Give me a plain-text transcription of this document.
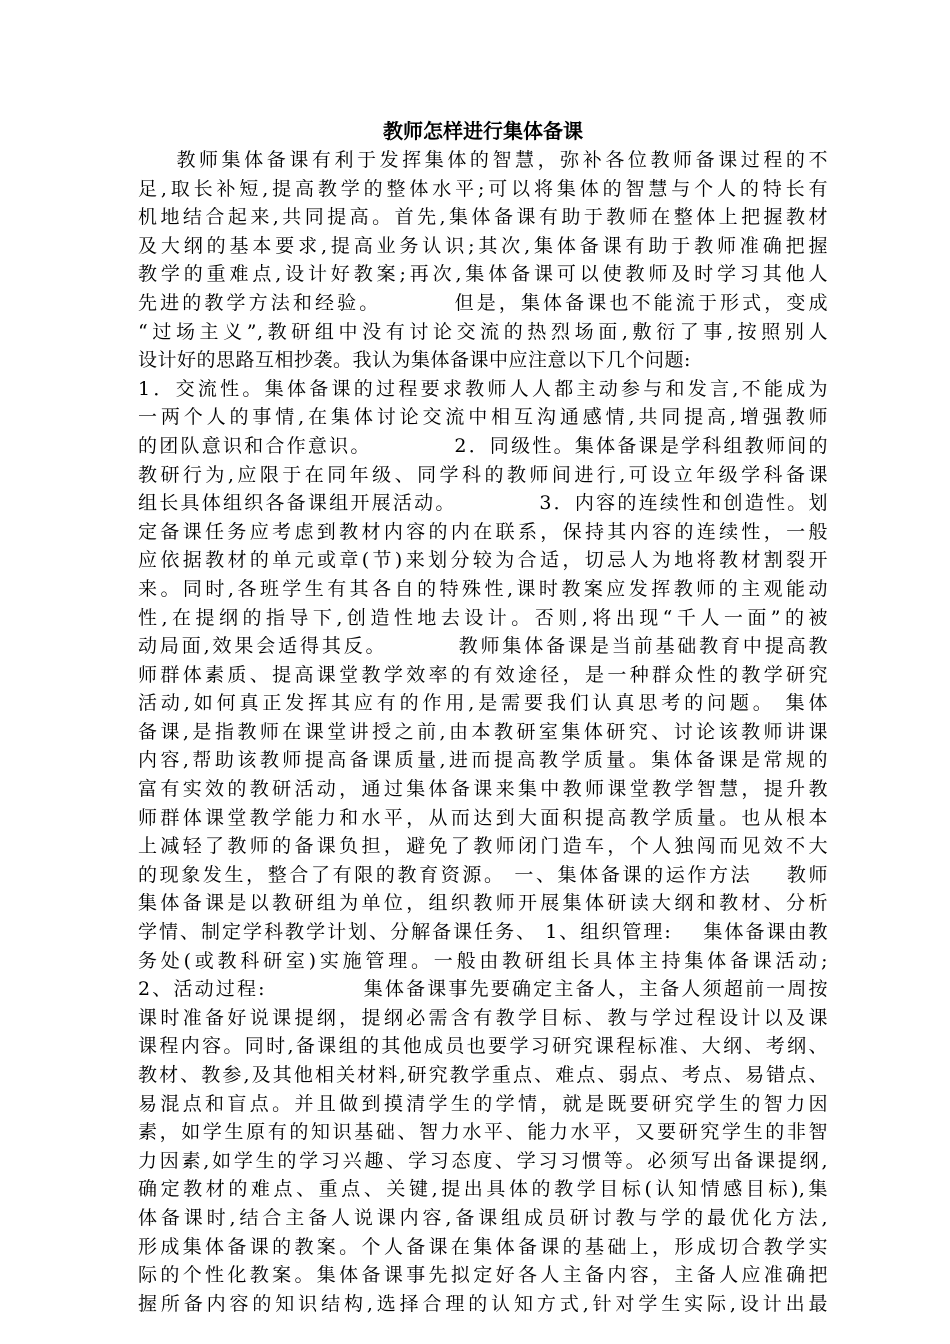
教师怎样进行集体备课
教师集体备课有利于发挥集体的智慧，弥补各位教师备课过程的不
足,取长补短,提高教学的整体水平;可以将集体的智慧与个人的特长有
机地结合起来,共同提高。首先,集体备课有助于教师在整体上把握教材
及大纲的基本要求,提高业务认识;其次,集体备课有助于教师准确把握
教学的重难点,设计好教案;再次,集体备课可以使教师及时学习其他人
先进的教学方法和经验。        但是，集体备课也不能流于形式，变成
“过场主义”,教研组中没有讨论交流的热烈场面,敷衍了事,按照别人
设计好的思路互相抄袭。我认为集体备课中应注意以下几个问题:
1．交流性。集体备课的过程要求教师人人都主动参与和发言,不能成为
一两个人的事情,在集体讨论交流中相互沟通感情,共同提高,增强教师
的团队意识和合作意识。          2．同级性。集体备课是学科组教师间的
教研行为,应限于在同年级、同学科的教师间进行,可设立年级学科备课
组长具体组织各备课组开展活动。          3．内容的连续性和创造性。划
定备课任务应考虑到教材内容的内在联系，保持其内容的连续性，一般
应依据教材的单元或章(节)来划分较为合适，切忌人为地将教材割裂开
来。同时,各班学生有其各自的特殊性,课时教案应发挥教师的主观能动
性,在提纲的指导下,创造性地去设计。否则,将出现“千人一面”的被
动局面,效果会适得其反。        教师集体备课是当前基础教育中提高教
师群体素质、提高课堂教学效率的有效途径，是一种群众性的教学研究
活动,如何真正发挥其应有的作用,是需要我们认真思考的问题。 集体
备课,是指教师在课堂讲授之前,由本教研室集体研究、讨论该教师讲课
内容,帮助该教师提高备课质量,进而提高教学质量。集体备课是常规的
富有实效的教研活动，通过集体备课来集中教师课堂教学智慧，提升教
师群体课堂教学能力和水平，从而达到大面积提高教学质量。也从根本
上减轻了教师的备课负担，避免了教师闭门造车，个人独闯而见效不大
的现象发生，整合了有限的教育资源。 一、集体备课的运作方法    教师
集体备课是以教研组为单位，组织教师开展集体研读大纲和教材、分析
学情、制定学科教学计划、分解备课任务、 1、组织管理:    集体备课由教
务处(或教科研室)实施管理。一般由教研组长具体主持集体备课活动;
2、活动过程:            集体备课事先要确定主备人，主备人须超前一周按
课时准备好说课提纲，提纲必需含有教学目标、教与学过程设计以及课
课程内容。同时,备课组的其他成员也要学习研究课程标准、大纲、考纲、
教材、教参,及其他相关材料,研究教学重点、难点、弱点、考点、易错点、
易混点和盲点。并且做到摸清学生的学情，就是既要研究学生的智力因
素，如学生原有的知识基础、智力水平、能力水平，又要研究学生的非智
力因素,如学生的学习兴趣、学习态度、学习习惯等。必须写出备课提纲,
确定教材的难点、重点、关键,提出具体的教学目标(认知情感目标),集
体备课时,结合主备人说课内容,备课组成员研讨教与学的最优化方法,
形成集体备课的教案。个人备课在集体备课的基础上，形成切合教学实
际的个性化教案。集体备课事先拟定好各人主备内容，主备人应准确把
握所备内容的知识结构,选择合理的认知方式,针对学生实际,设计出最
